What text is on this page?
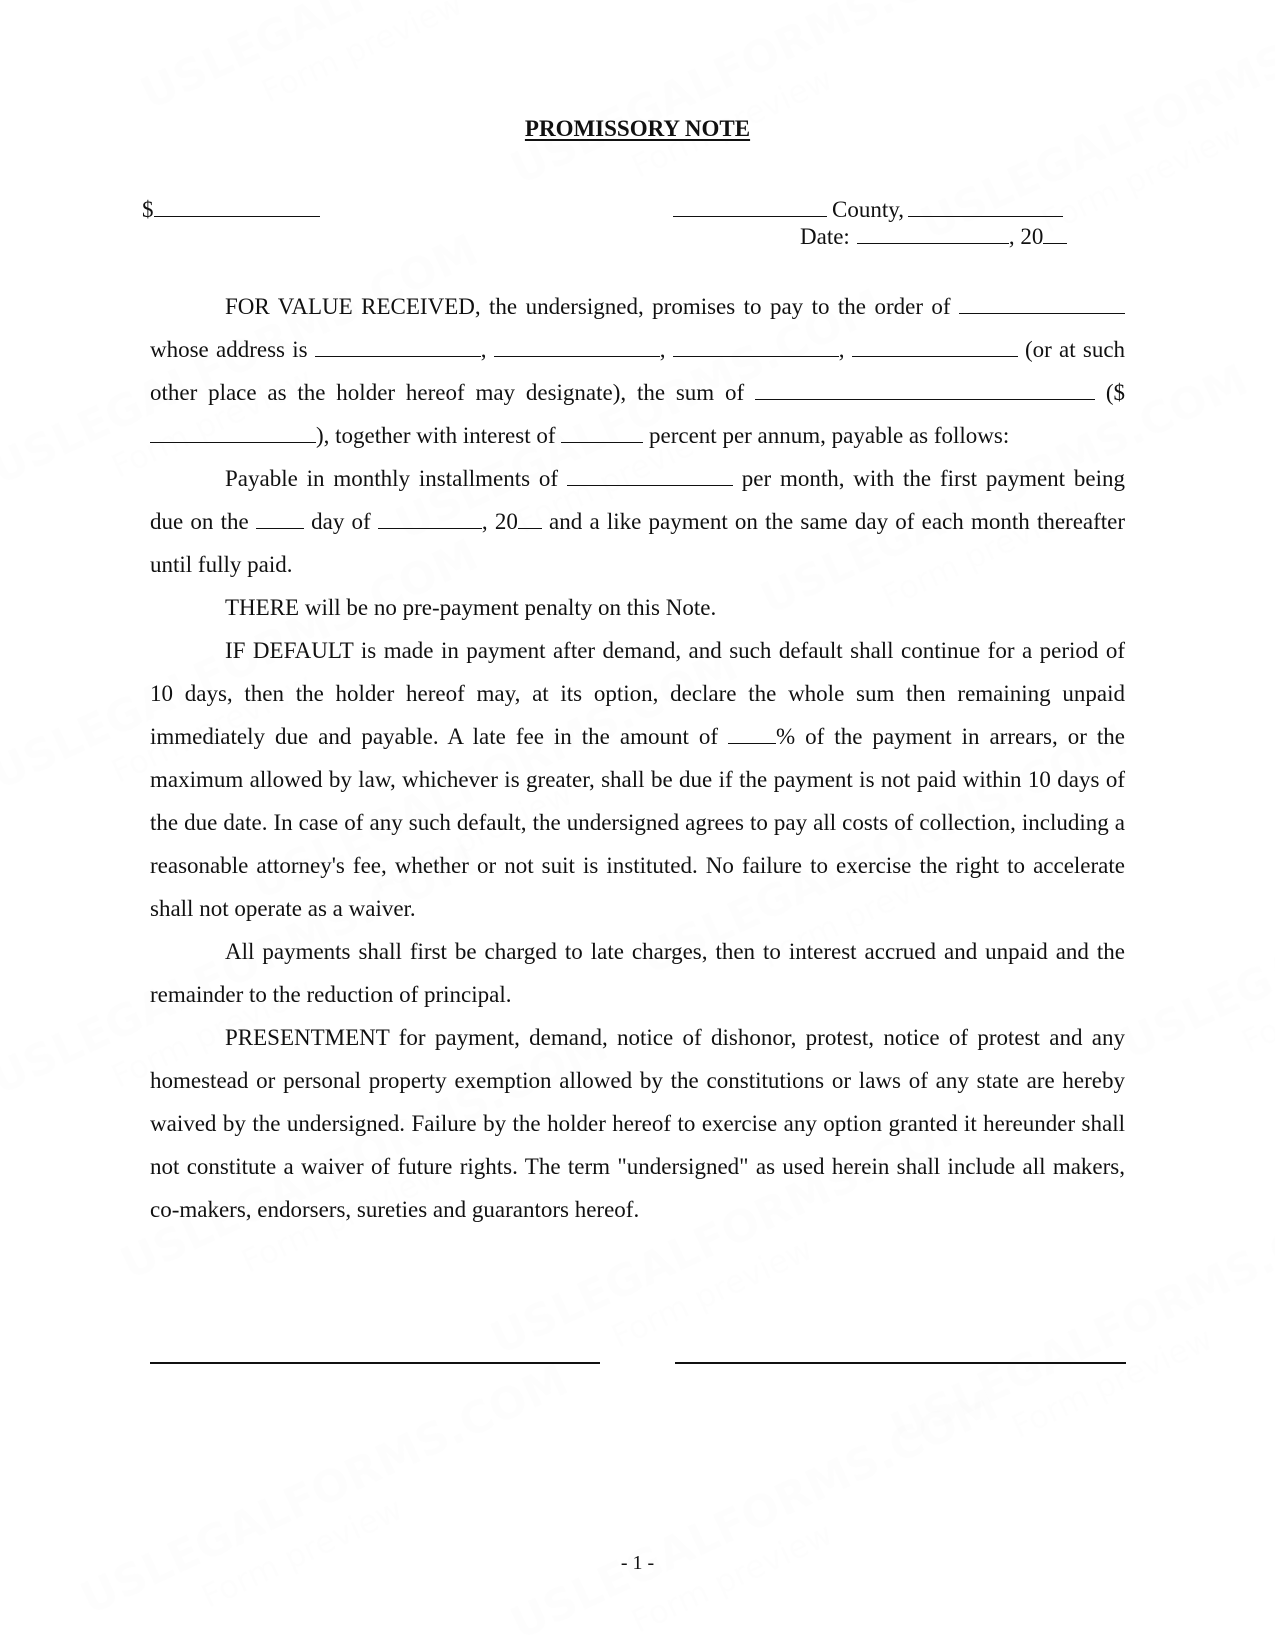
PROMISSORY NOTE
$	County,
Date:	, 20

FOR VALUE RECEIVED, the undersigned, promises to pay to the order of  whose address is	,	,	,	(or at such other place as the holder hereof may designate), the sum of	($), together with interest of	percent per annum, payable as follows:

Payable in monthly installments of	per month, with the first payment being due on the	day of	, 20 and a like payment on the same day of each month thereafter until fully paid.

THERE will be no pre-payment penalty on this Note.

IF DEFAULT is made in payment after demand, and such default shall continue for a period of 10 days, then the holder hereof may, at its option, declare the whole sum then remaining unpaid immediately due and payable. A late fee in the amount of	% of the payment in arrears, or the maximum allowed by law, whichever is greater, shall be due if the payment is not paid within 10 days of the due date. In case of any such default, the undersigned agrees to pay all costs of collection, including a reasonable attorney's fee, whether or not suit is instituted. No failure to exercise the right to accelerate shall not operate as a waiver.

All payments shall first be charged to late charges, then to interest accrued and unpaid and the remainder to the reduction of principal.

PRESENTMENT for payment, demand, notice of dishonor, protest, notice of protest and any homestead or personal property exemption allowed by the constitutions or laws of any state are hereby waived by the undersigned. Failure by the holder hereof to exercise any option granted it hereunder shall not constitute a waiver of future rights. The term "undersigned" as used herein shall include all makers, co-makers, endorsers, sureties and guarantors hereof.

- 1 -
